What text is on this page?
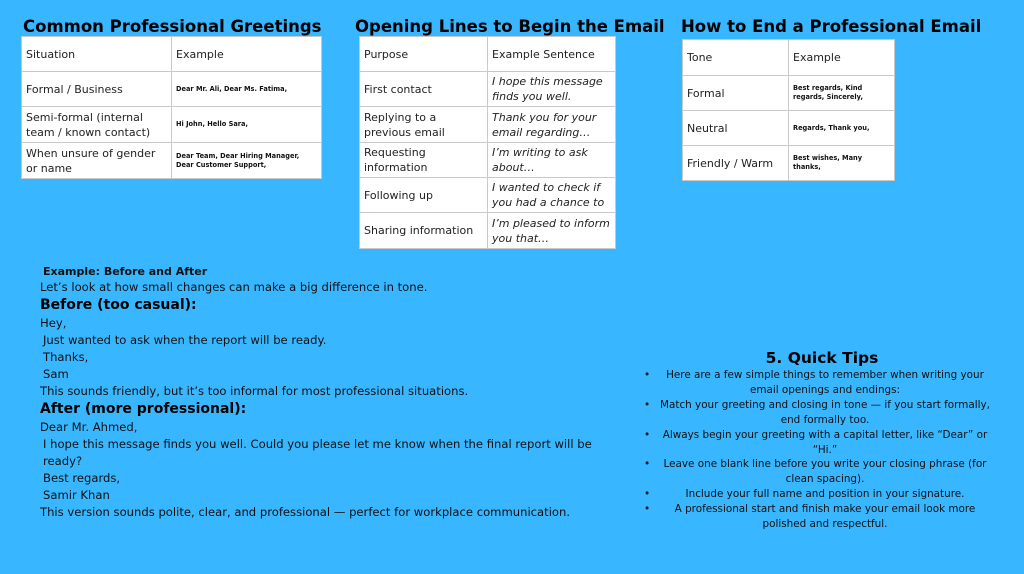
Common Professional Greetings
Situation	Example
Formal / Business	Dear Mr. Ali, Dear Ms. Fatima,
Semi-formal (internal team / known contact)	Hi John, Hello Sara,
When unsure of gender or name	Dear Team, Dear Hiring Manager, Dear Customer Support,
Opening Lines to Begin the Email
Purpose	Example Sentence
First contact	I hope this message finds you well.
Replying to a previous email	Thank you for your email regarding…
Requesting information	I’m writing to ask about…
Following up	I wanted to check if you had a chance to
Sharing information	I’m pleased to inform you that…
How to End a Professional Email
Tone	Example
Formal	Best regards, Kind regards, Sincerely,
Neutral	Regards, Thank you,
Friendly / Warm	Best wishes, Many thanks,
Example: Before and After
Let’s look at how small changes can make a big difference in tone.
Before (too casual):
Hey,
Just wanted to ask when the report will be ready.
Thanks,
Sam
This sounds friendly, but it’s too informal for most professional situations.
After (more professional):
Dear Mr. Ahmed,
I hope this message finds you well. Could you please let me know when the final report will be ready?
Best regards,
Samir Khan
This version sounds polite, clear, and professional — perfect for workplace communication.
5. Quick Tips
• Here are a few simple things to remember when writing your email openings and endings:
• Match your greeting and closing in tone — if you start formally, end formally too.
• Always begin your greeting with a capital letter, like “Dear” or “Hi.”
• Leave one blank line before you write your closing phrase (for clean spacing).
•	Include your full name and position in your signature.
• A professional start and finish make your email look more polished and respectful.
